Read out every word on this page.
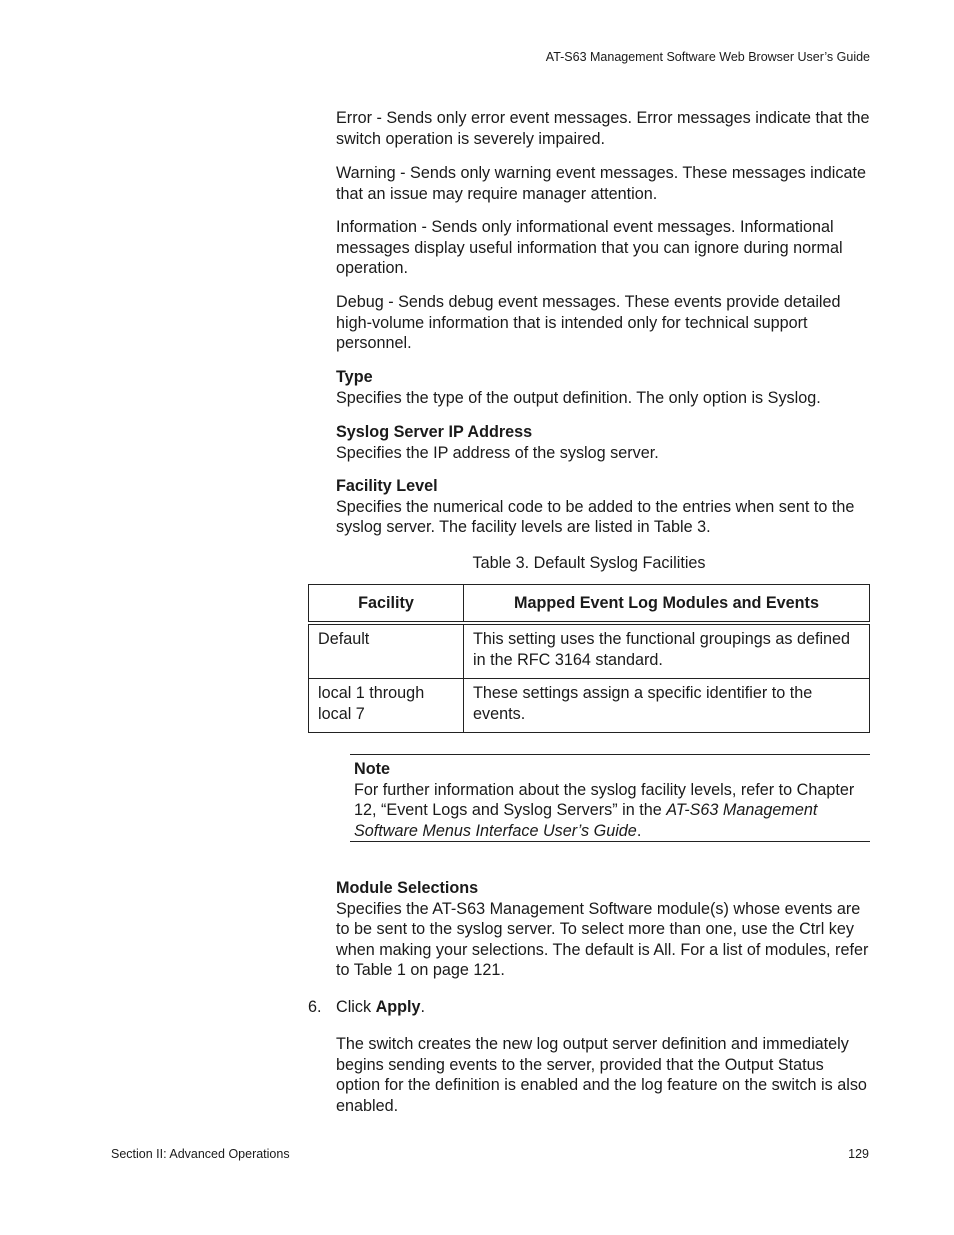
AT-S63 Management Software Web Browser User’s Guide

Error - Sends only error event messages. Error messages indicate that the switch operation is severely impaired.

Warning - Sends only warning event messages. These messages indicate that an issue may require manager attention.

Information - Sends only informational event messages. Informational messages display useful information that you can ignore during normal operation.

Debug - Sends debug event messages. These events provide detailed high-volume information that is intended only for technical support personnel.

Type
Specifies the type of the output definition. The only option is Syslog.
Syslog Server IP Address
Specifies the IP address of the syslog server.
Facility Level
Specifies the numerical code to be added to the entries when sent to the syslog server. The facility levels are listed in Table 3.
Table 3. Default Syslog Facilities
Facility	Mapped Event Log Modules and Events
Default	This setting uses the functional groupings as defined in the RFC 3164 standard.
local 1 through local 7	These settings assign a specific identifier to the events.
Note
For further information about the syslog facility levels, refer to Chapter 12, “Event Logs and Syslog Servers” in the AT-S63 Management Software Menus Interface User’s Guide.
Module Selections
Specifies the AT-S63 Management Software module(s) whose events are to be sent to the syslog server. To select more than one, use the Ctrl key when making your selections. The default is All. For a list of modules, refer to Table 1 on page 121.
6. Click Apply.

The switch creates the new log output server definition and immediately begins sending events to the server, provided that the Output Status option for the definition is enabled and the log feature on the switch is also enabled.

Section II: Advanced Operations	129
